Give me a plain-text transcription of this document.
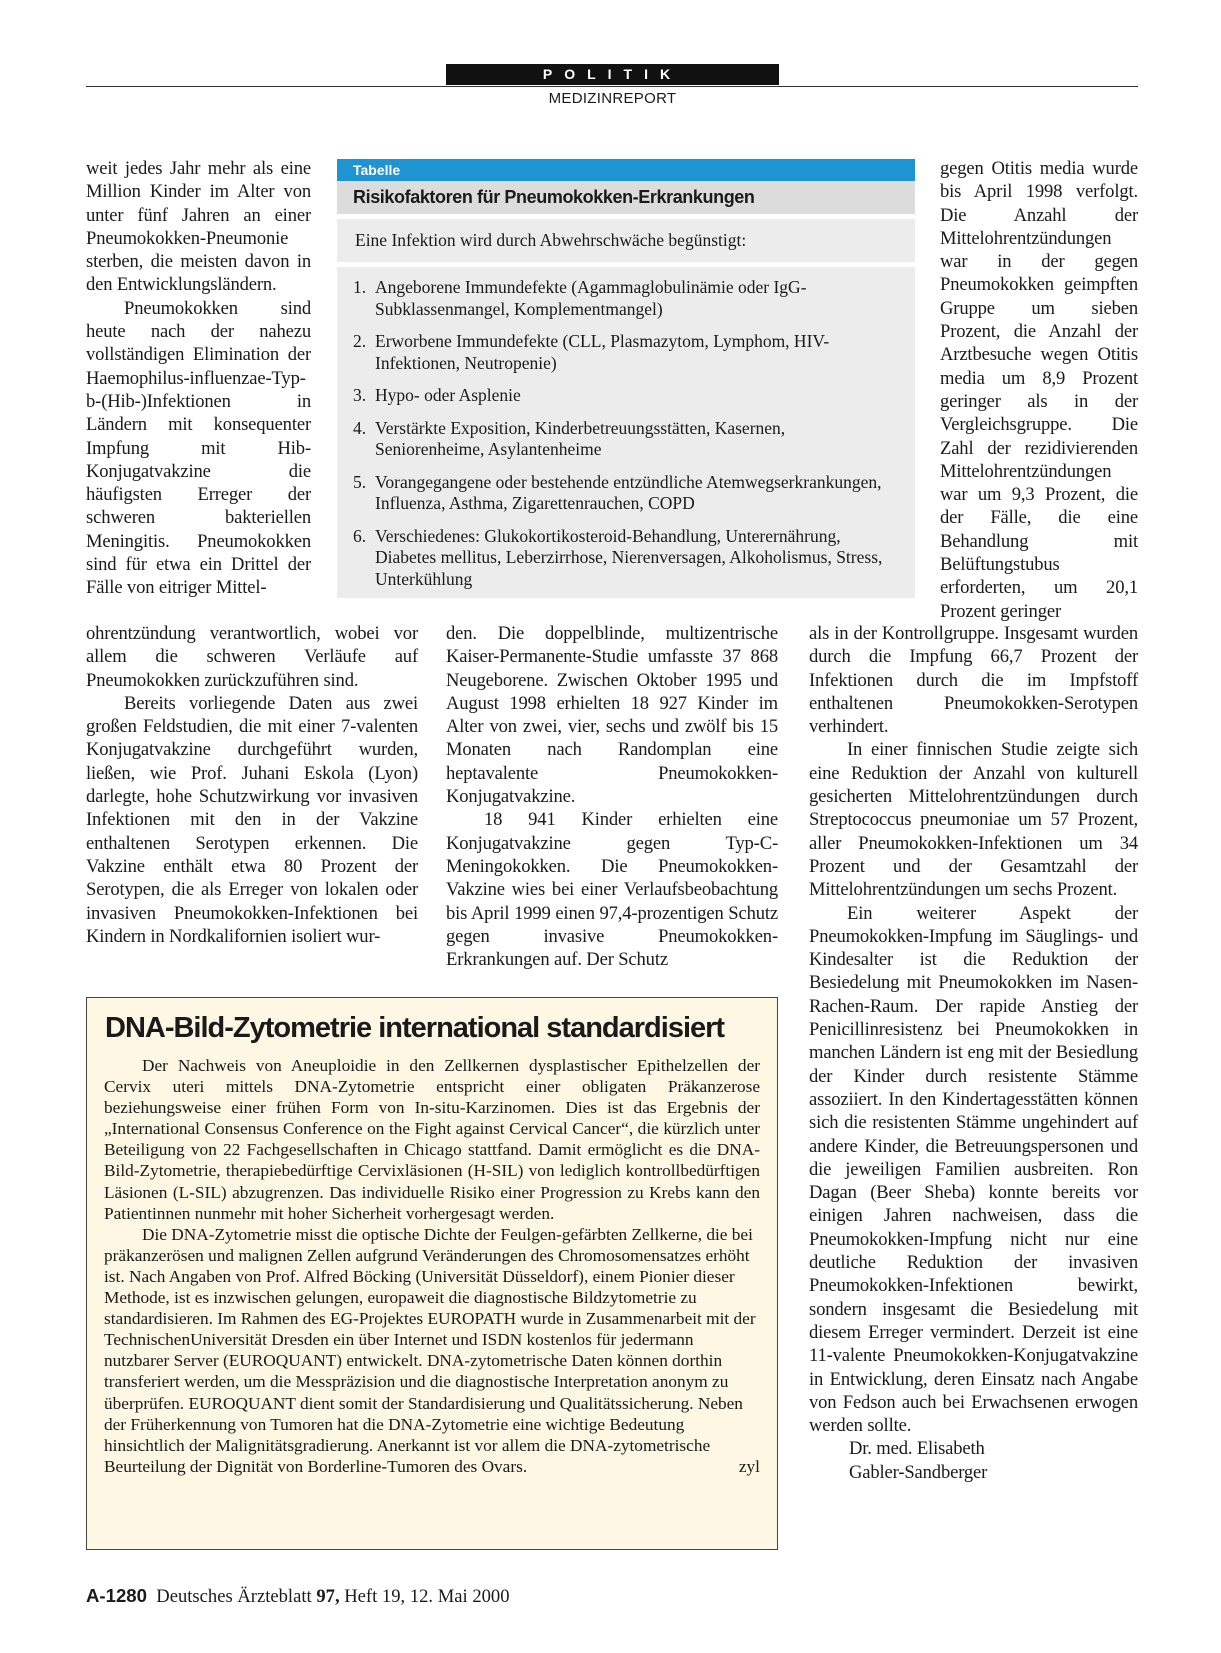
POLITIK
MEDIZINREPORT

weit jedes Jahr mehr als eine Million Kinder im Alter von unter fünf Jahren an einer Pneumokokken-Pneumonie sterben, die meisten davon in den Entwicklungsländern.

Pneumokokken sind heute nach der nahezu vollständigen Elimination der Haemophilus-influenzae-Typ-b-(Hib-)Infektionen in Ländern mit konsequenter Impfung mit Hib-Konjugatvakzine die häufigsten Erreger der schweren bakteriellen Meningitis. Pneumokokken sind für etwa ein Drittel der Fälle von eitriger Mittel-

ohrentzündung verantwortlich, wobei vor allem die schweren Verläufe auf Pneumokokken zurückzuführen sind.

Bereits vorliegende Daten aus zwei großen Feldstudien, die mit einer 7-valenten Konjugatvakzine durchgeführt wurden, ließen, wie Prof. Juhani Eskola (Lyon) darlegte, hohe Schutzwirkung vor invasiven Infektionen mit den in der Vakzine enthaltenen Serotypen erkennen. Die Vakzine enthält etwa 80 Prozent der Serotypen, die als Erreger von lokalen oder invasiven Pneumokokken-Infektionen bei Kindern in Nordkalifornien isoliert wur-

den. Die doppelblinde, multizentrische Kaiser-Permanente-Studie umfasste 37 868 Neugeborene. Zwischen Oktober 1995 und August 1998 erhielten 18 927 Kinder im Alter von zwei, vier, sechs und zwölf bis 15 Monaten nach Randomplan eine heptavalente Pneumokokken-Konjugatvakzine.

18 941 Kinder erhielten eine Konjugatvakzine gegen Typ-C-Meningokokken. Die Pneumokokken-Vakzine wies bei einer Verlaufsbeobachtung bis April 1999 einen 97,4-prozentigen Schutz gegen invasive Pneumokokken-Erkrankungen auf. Der Schutz

gegen Otitis media wurde bis April 1998 verfolgt. Die Anzahl der Mittelohrentzündungen war in der gegen Pneumokokken geimpften Gruppe um sieben Prozent, die Anzahl der Arztbesuche wegen Otitis media um 8,9 Prozent geringer als in der Vergleichsgruppe. Die Zahl der rezidivierenden Mittelohrentzündungen war um 9,3 Prozent, die der Fälle, die eine Behandlung mit Belüftungstubus erforderten, um 20,1 Prozent geringer

als in der Kontrollgruppe. Insgesamt wurden durch die Impfung 66,7 Prozent der Infektionen durch die im Impfstoff enthaltenen Pneumokokken-Serotypen verhindert.

In einer finnischen Studie zeigte sich eine Reduktion der Anzahl von kulturell gesicherten Mittelohrentzündungen durch Streptococcus pneumoniae um 57 Prozent, aller Pneumokokken-Infektionen um 34 Prozent und der Gesamtzahl der Mittelohrentzündungen um sechs Prozent.

Ein weiterer Aspekt der Pneumokokken-Impfung im Säuglings- und Kindesalter ist die Reduktion der Besiedelung mit Pneumokokken im Nasen-Rachen-Raum. Der rapide Anstieg der Penicillinresistenz bei Pneumokokken in manchen Ländern ist eng mit der Besiedlung der Kinder durch resistente Stämme assoziiert. In den Kindertagesstätten können sich die resistenten Stämme ungehindert auf andere Kinder, die Betreuungspersonen und die jeweiligen Familien ausbreiten. Ron Dagan (Beer Sheba) konnte bereits vor einigen Jahren nachweisen, dass die Pneumokokken-Impfung nicht nur eine deutliche Reduktion der invasiven Pneumokokken-Infektionen bewirkt, sondern insgesamt die Besiedelung mit diesem Erreger vermindert. Derzeit ist eine 11-valente Pneumokokken-Konjugatvakzine in Entwicklung, deren Einsatz nach Angabe von Fedson auch bei Erwachsenen erwogen werden sollte.

Dr. med. Elisabeth
Gabler-Sandberger
Tabelle
Risikofaktoren für Pneumokokken-Erkrankungen
Eine Infektion wird durch Abwehrschwäche begünstigt:
1. Angeborene Immundefekte (Agammaglobulinämie oder IgG-Subklassenmangel, Komplementmangel)
2. Erworbene Immundefekte (CLL, Plasmazytom, Lymphom, HIV-Infektionen, Neutropenie)
3. Hypo- oder Asplenie
4. Verstärkte Exposition, Kinderbetreuungsstätten, Kasernen, Seniorenheime, Asylantenheime
5. Vorangegangene oder bestehende entzündliche Atemwegserkrankungen, Influenza, Asthma, Zigarettenrauchen, COPD
6. Verschiedenes: Glukokortikosteroid-Behandlung, Unterernährung, Diabetes mellitus, Leberzirrhose, Nierenversagen, Alkoholismus, Stress, Unterkühlung
DNA-Bild-Zytometrie international standardisiert

Der Nachweis von Aneuploidie in den Zellkernen dysplastischer Epithelzellen der Cervix uteri mittels DNA-Zytometrie entspricht einer obligaten Präkanzerose beziehungsweise einer frühen Form von In-situ-Karzinomen. Dies ist das Ergebnis der „International Consensus Conference on the Fight against Cervical Cancer“, die kürzlich unter Beteiligung von 22 Fachgesellschaften in Chicago stattfand. Damit ermöglicht es die DNA-Bild-Zytometrie, therapiebedürftige Cervixläsionen (H-SIL) von lediglich kontrollbedürftigen Läsionen (L-SIL) abzugrenzen. Das individuelle Risiko einer Progression zu Krebs kann den Patientinnen nunmehr mit hoher Sicherheit vorhergesagt werden.

Die DNA-Zytometrie misst die optische Dichte der Feulgen-gefärbten Zellkerne, die bei präkanzerösen und malignen Zellen aufgrund Veränderungen des Chromosomensatzes erhöht ist. Nach Angaben von Prof. Alfred Böcking (Universität Düsseldorf), einem Pionier dieser Methode, ist es inzwischen gelungen, europaweit die diagnostische Bildzytometrie zu standardisieren. Im Rahmen des EG-Projektes EUROPATH wurde in Zusammenarbeit mit der TechnischenUniversität Dresden ein über Internet und ISDN kostenlos für jedermann nutzbarer Server (EUROQUANT) entwickelt. DNA-zytometrische Daten können dorthin transferiert werden, um die Messpräzision und die diagnostische Interpretation anonym zu überprüfen. EUROQUANT dient somit der Standardisierung und Qualitätssicherung. Neben der Früherkennung von Tumoren hat die DNA-Zytometrie eine wichtige Bedeutung hinsichtlich der Malignitätsgradierung. Anerkannt ist vor allem die DNA-zytometrische Beurteilung der Dignität von Borderline-Tumoren des Ovars.	zyl

A-1280 Deutsches Ärzteblatt 97, Heft 19, 12. Mai 2000
